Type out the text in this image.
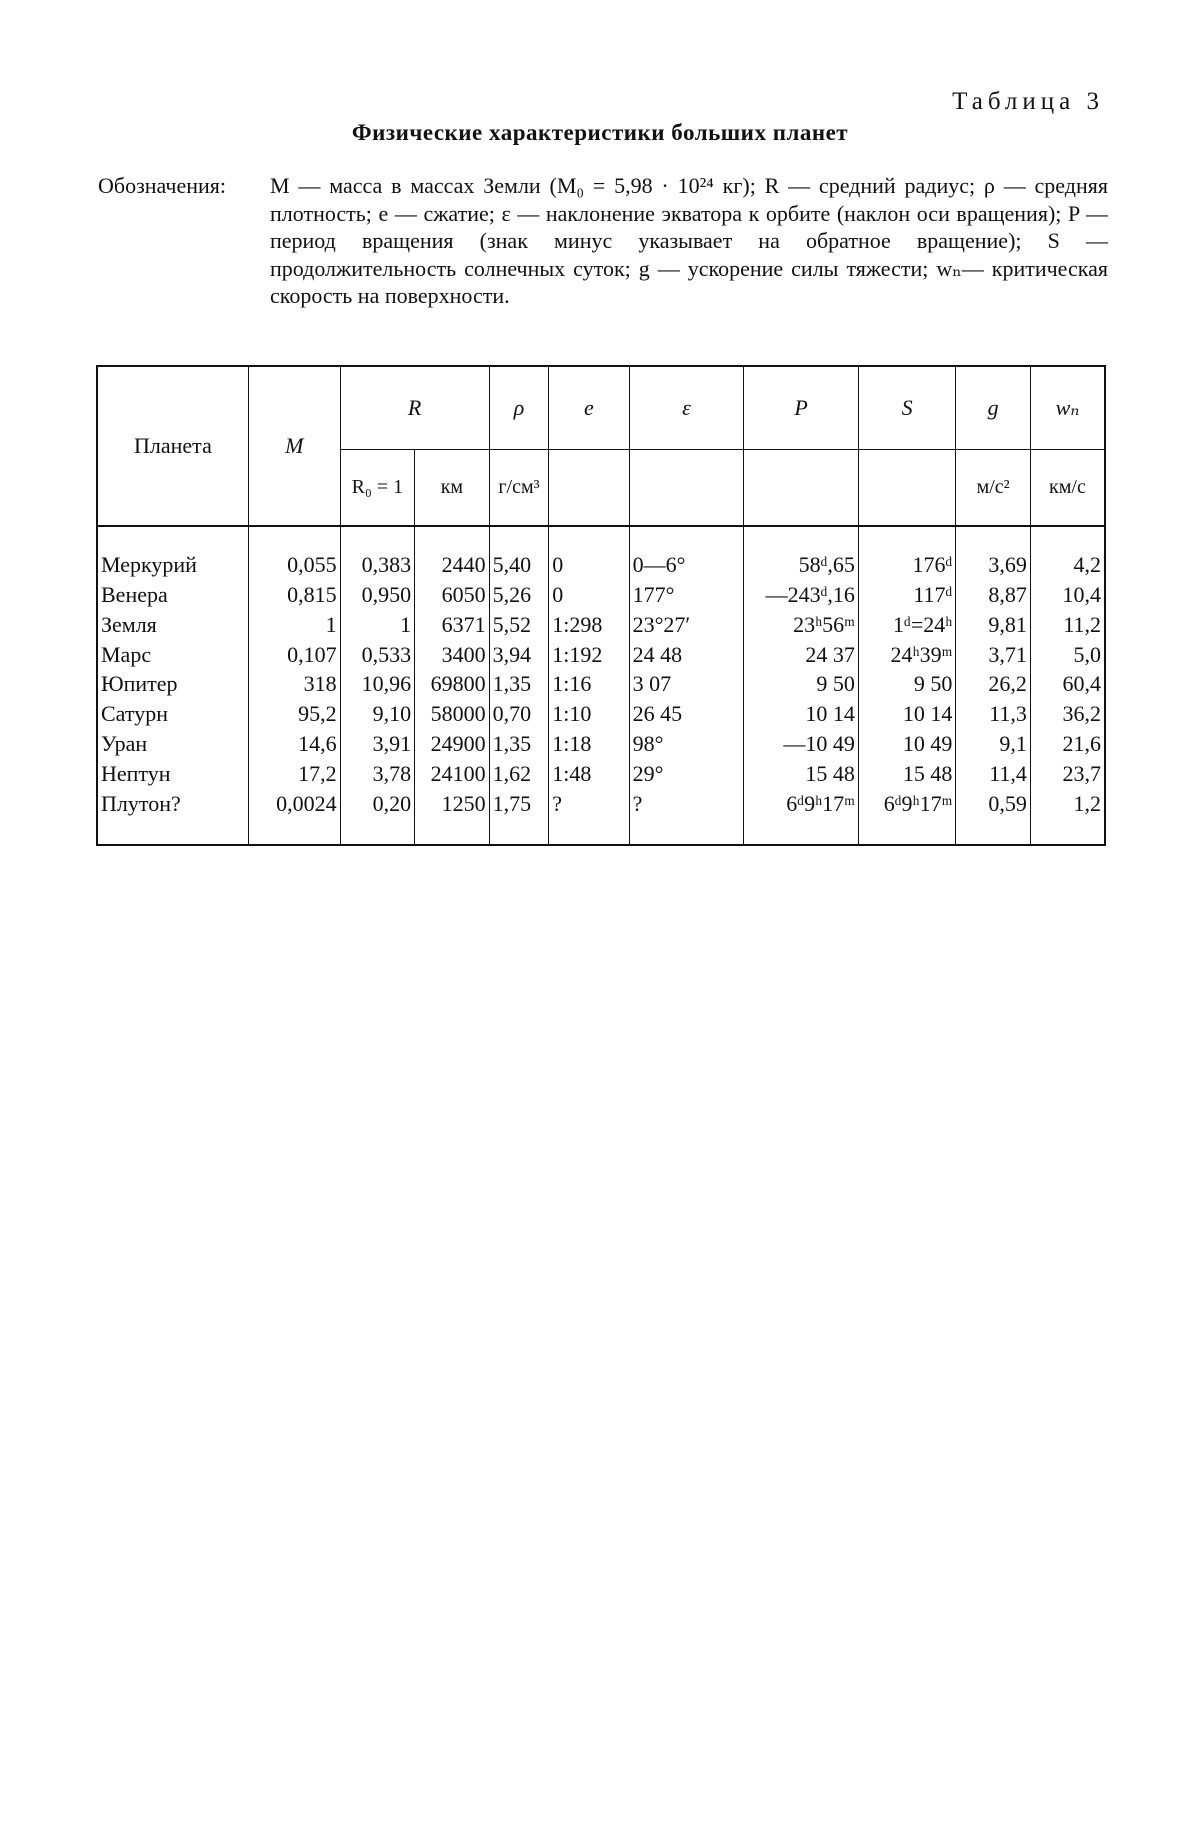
Таблица 3
Физические характеристики больших планет
Обозначения: M — масса в массах Земли (M₀ = 5,98 · 10²⁴ кг); R — средний радиус; ρ — средняя плотность; e — сжатие; ε — наклонение экватора к орбите (наклон оси вращения); P — период вращения (знак минус указывает на обратное вращение); S — продолжительность солнечных суток; g — ускорение силы тяжести; wₙ— критическая скорость на поверхности.
Планета	M	R		ρ	e	ε	P	S	g	wₙ
		R₀ = 1	км	г/см³					м/с²	км/с

Меркурий	0,055	0,383	2440	5,40	0	0—6°	58ᵈ,65	176ᵈ	3,69	4,2
Венера	0,815	0,950	6050	5,26	0	177°	—243ᵈ,16	117ᵈ	8,87	10,4
Земля	1	1	6371	5,52	1:298	23°27′	23ʰ56ᵐ	1ᵈ=24ʰ	9,81	11,2
Марс	0,107	0,533	3400	3,94	1:192	24 48	24 37	24ʰ39ᵐ	3,71	5,0
Юпитер	318	10,96	69800	1,35	1:16	3 07	9 50	9 50	26,2	60,4
Сатурн	95,2	9,10	58000	0,70	1:10	26 45	10 14	10 14	11,3	36,2
Уран	14,6	3,91	24900	1,35	1:18	98°	—10 49	10 49	9,1	21,6
Нептун	17,2	3,78	24100	1,62	1:48	29°	15 48	15 48	11,4	23,7
Плутон?	0,0024	0,20	1250	1,75	?	?	6ᵈ9ʰ17ᵐ	6ᵈ9ʰ17ᵐ	0,59	1,2
